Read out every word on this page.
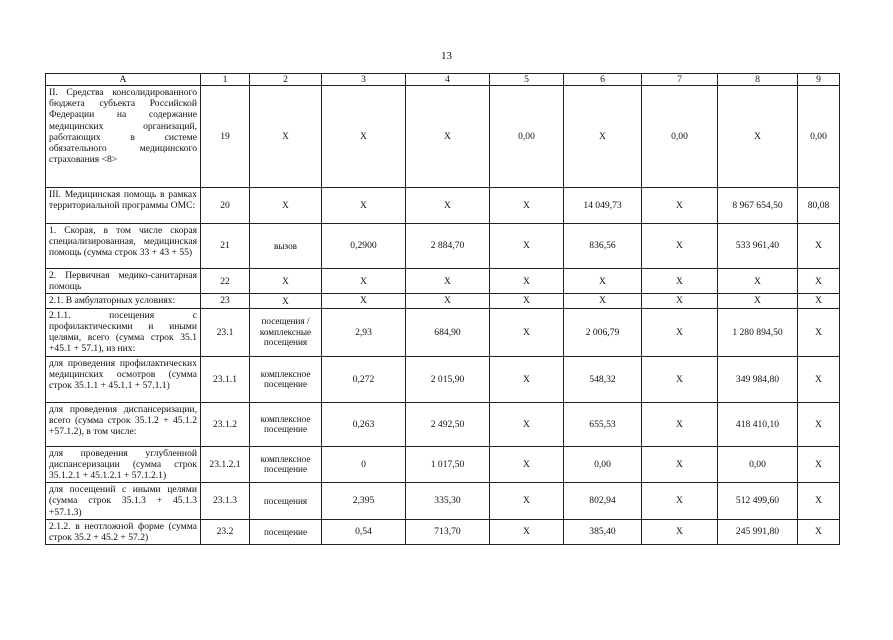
13
A	1	2	3	4	5	6	7	8	9
II. Средства консолидированного бюджета субъекта Российской Федерации на содержание медицинских организаций, работающих в системе обязательного медицинского страхования <8>	19	X	X	X	0,00	X	0,00	X	0,00
III. Медицинская помощь в рамках территориальной программы ОМС:	20	X	X	X	X	14 049,73	X	8 967 654,50	80,08
1. Скорая, в том числе скорая специализированная, медицинская помощь (сумма строк 33 + 43 + 55)	21	вызов	0,2900	2 884,70	X	836,56	X	533 961,40	X
2. Первичная медико-санитарная помощь	22	X	X	X	X	X	X	X	X
2.1. В амбулаторных условиях:	23	X	X	X	X	X	X	X	X
2.1.1. посещения с профилактическими и иными целями, всего (сумма строк 35.1 +45.1 + 57.1), из них:	23.1	посещения / комплексные посещения	2,93	684,90	X	2 006,79	X	1 280 894,50	X
для проведения профилактических медицинских осмотров (сумма строк 35.1.1 + 45.1.1 + 57.1.1)	23.1.1	комплексное посещение	0,272	2 015,90	X	548,32	X	349 984,80	X
для проведения диспансеризации, всего (сумма строк 35.1.2 + 45.1.2 +57.1.2), в том числе:	23.1.2	комплексное посещение	0,263	2 492,50	X	655,53	X	418 410,10	X
для проведения углубленной диспансеризации (сумма строк 35.1.2.1 + 45.1.2.1 + 57.1.2.1)	23.1.2.1	комплексное посещение	0	1 017,50	X	0,00	X	0,00	X
для посещений с иными целями (сумма строк 35.1.3 + 45.1.3 +57.1.3)	23.1.3	посещения	2,395	335,30	X	802,94	X	512 499,60	X
2.1.2. в неотложной форме (сумма строк 35.2 + 45.2 + 57.2)	23.2	посещение	0,54	713,70	X	385,40	X	245 991,80	X
